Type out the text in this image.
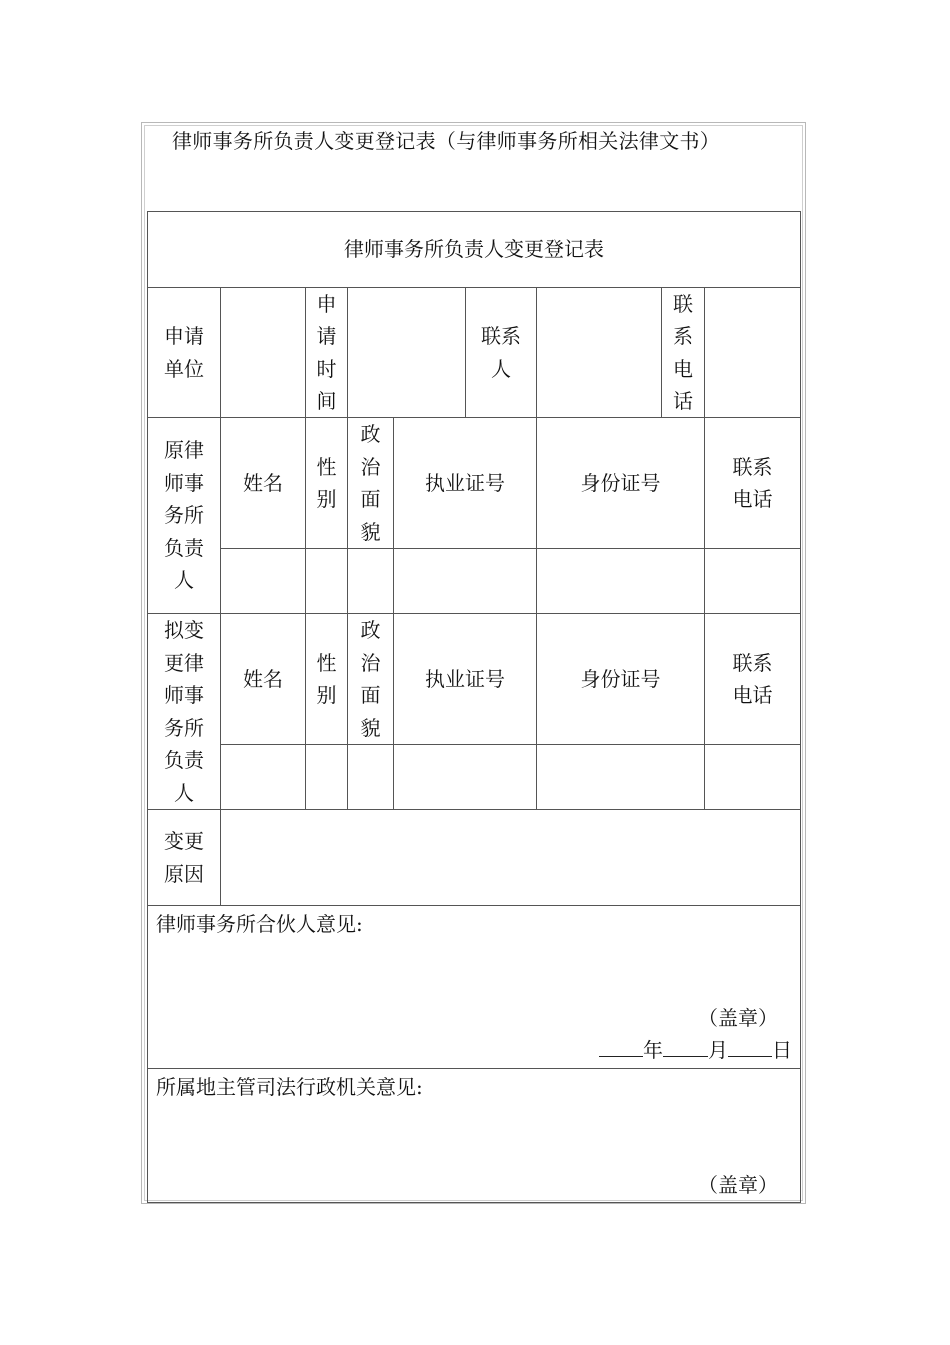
律师事务所负责人变更登记表（与律师事务所相关法律文书）
律师事务所负责人变更登记表
申请单位
申请时间
联系人
联系电话
原律师事务所负责人
姓名
性别
政治面貌
执业证号	身份证号
联系电话
拟变更律师事务所负责人
姓名
性别
政治面貌
执业证号	身份证号
联系电话
变更原因
律师事务所合伙人意见:
（盖章）
年 月 日
所属地主管司法行政机关意见:
（盖章）
